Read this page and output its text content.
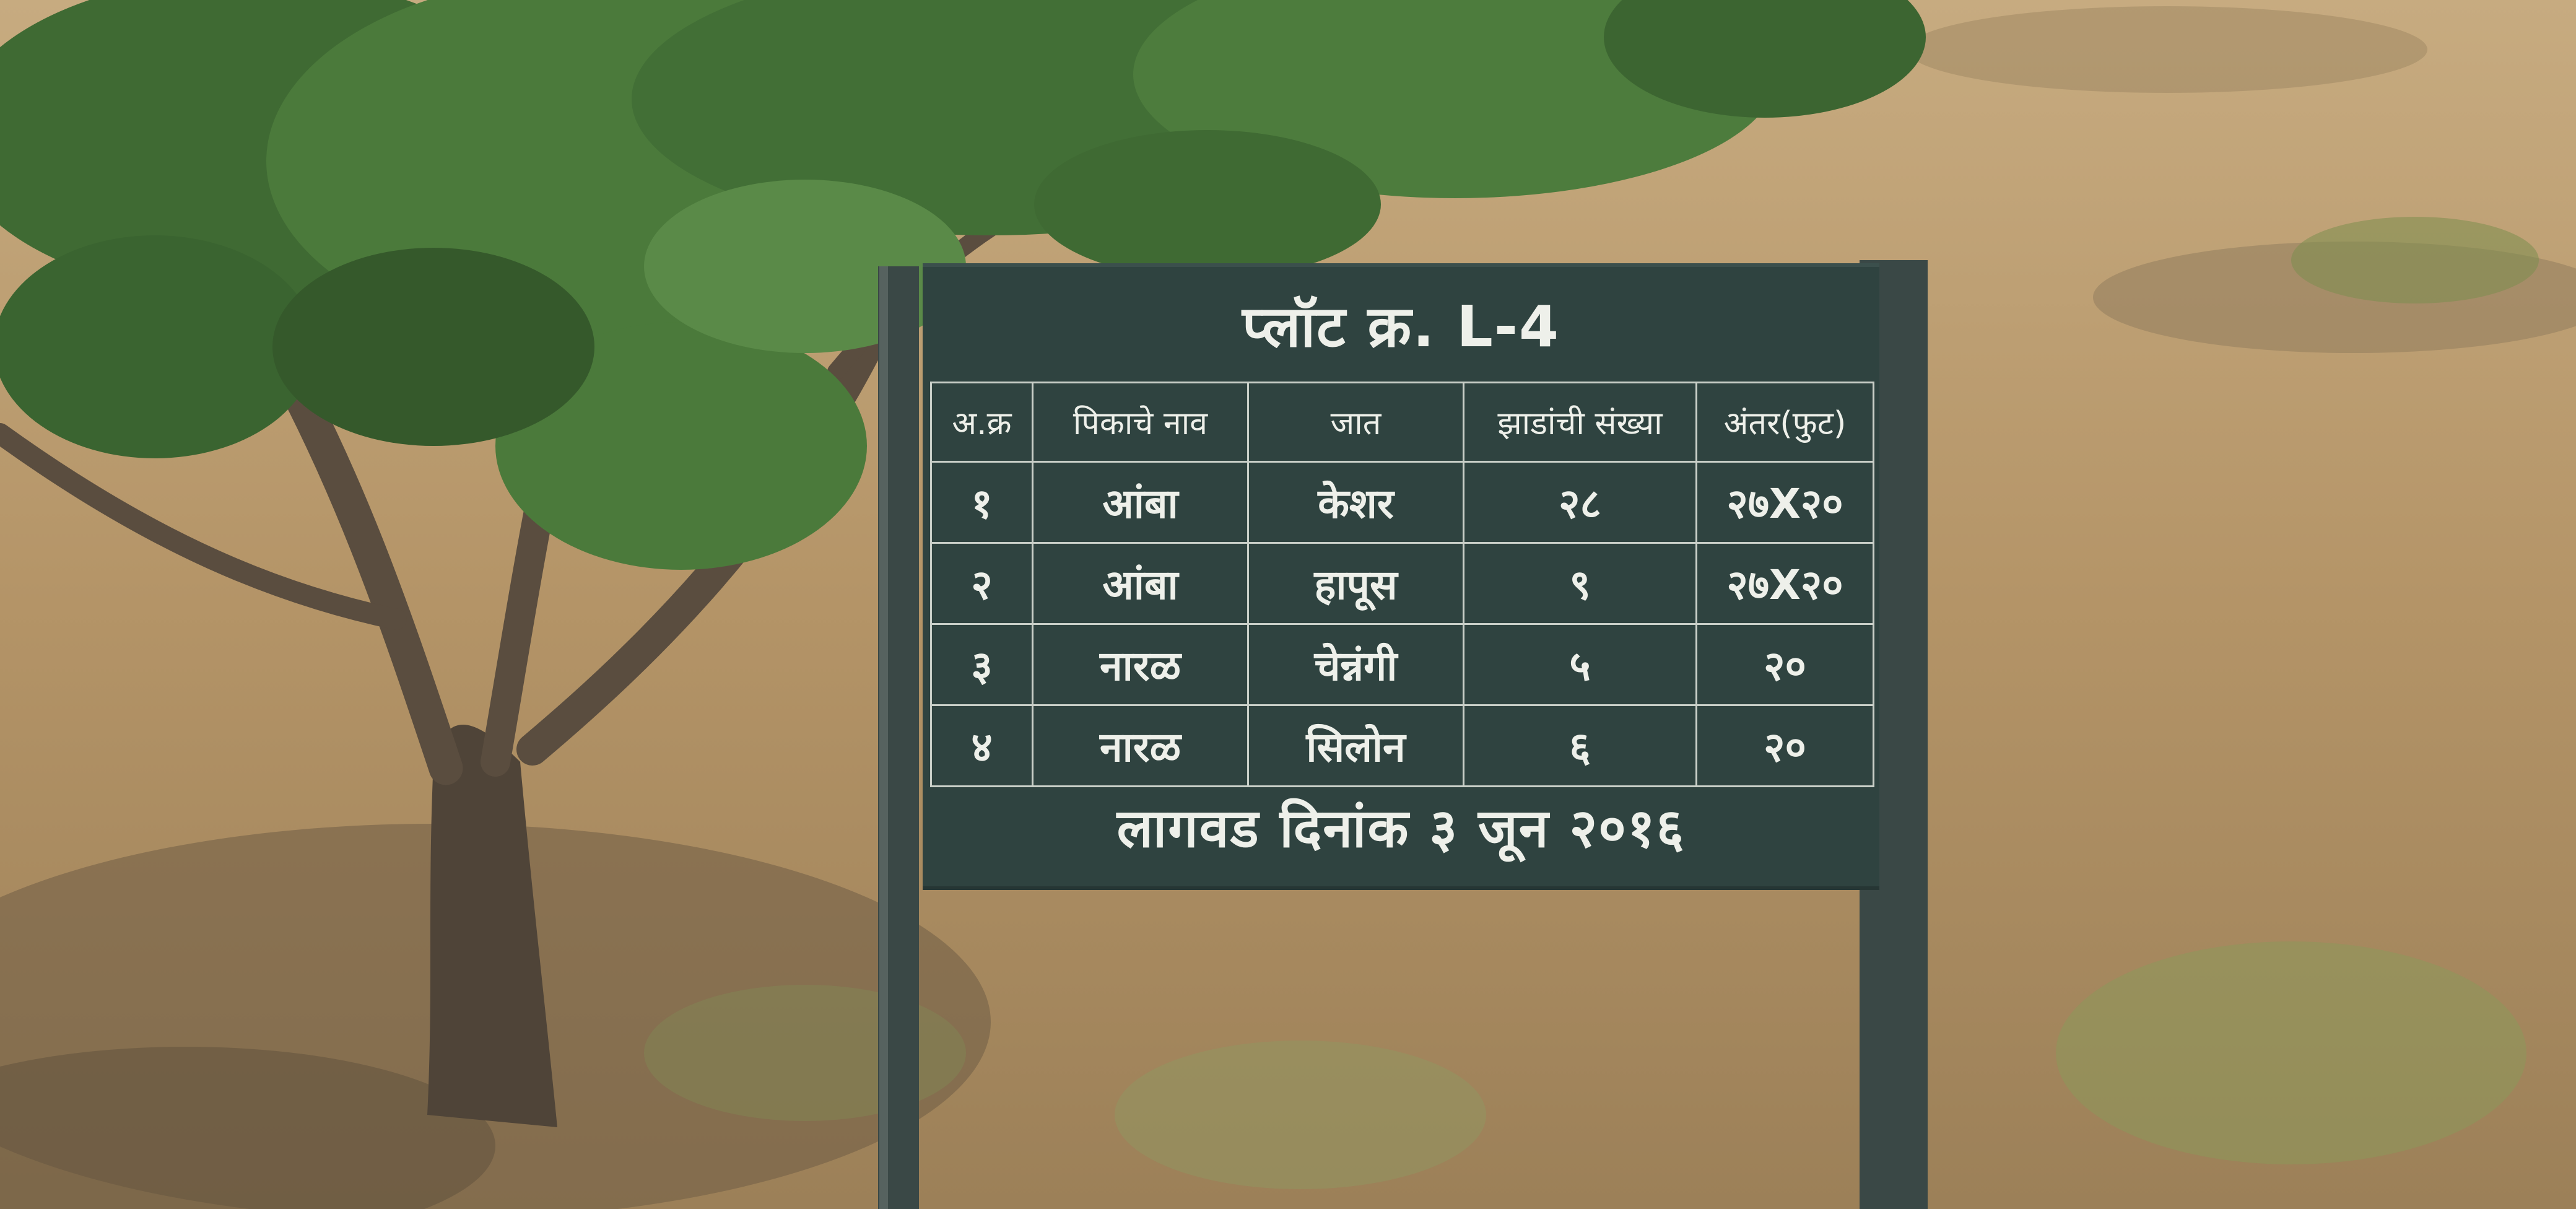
प्लॉट क्र. L-4
अ.क्र	पिकाचे नाव	जात	झाडांची संख्या	अंतर(फुट)
१	आंबा	केशर	२८	२७X२०
२	आंबा	हापूस	९	२७X२०
३	नारळ	चेन्नंगी	५	२०
४	नारळ	सिलोन	६	२०
लागवड दिनांक ३ जून २०१६
